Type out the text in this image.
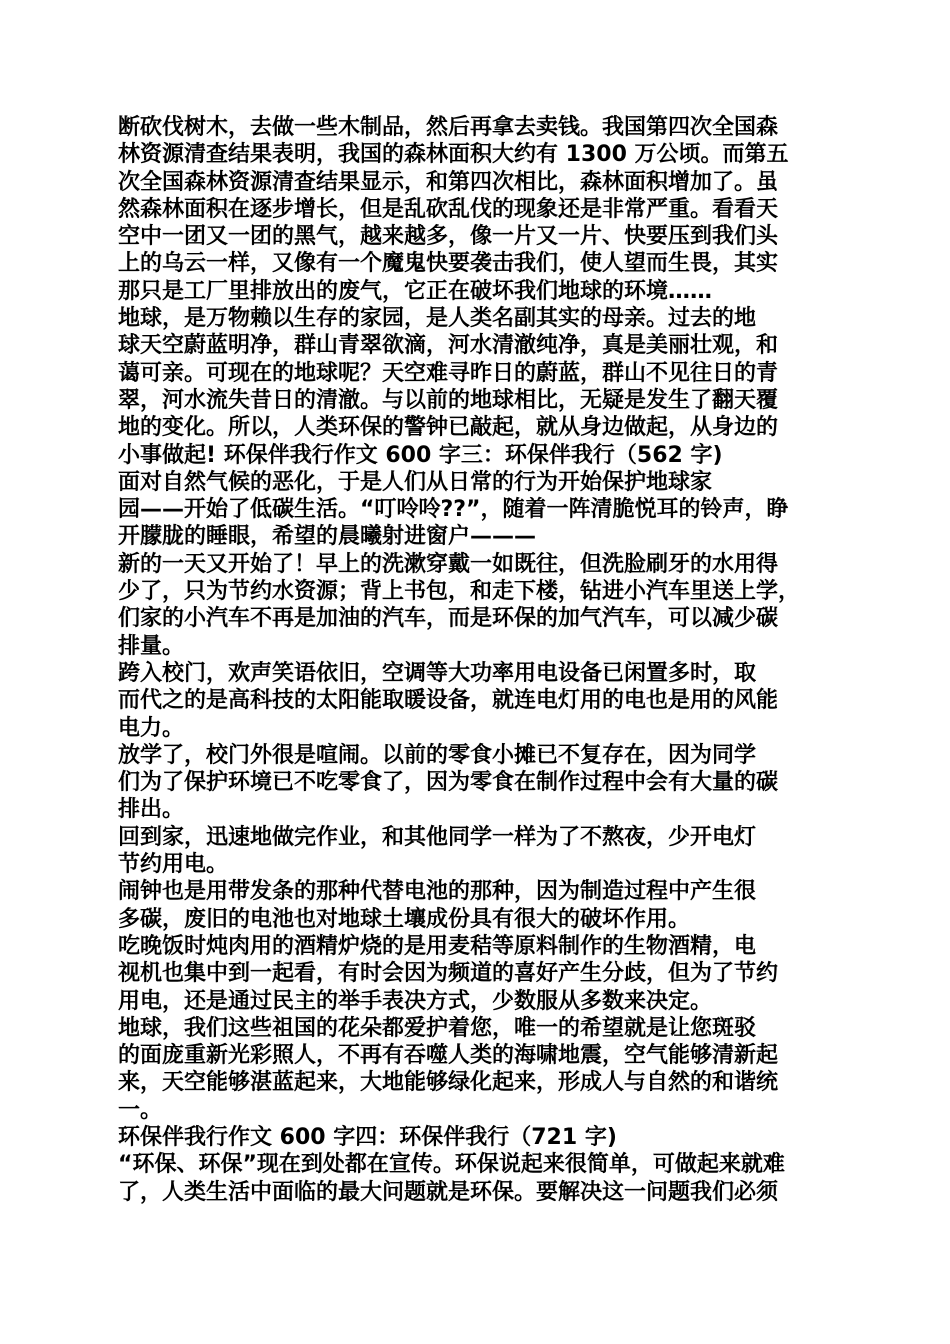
断砍伐树木，去做一些木制品，然后再拿去卖钱。我国第四次全国森
林资源清查结果表明，我国的森林面积大约有 1300 万公顷。而第五
次全国森林资源清查结果显示，和第四次相比，森林面积增加了。虽
然森林面积在逐步增长，但是乱砍乱伐的现象还是非常严重。看看天
空中一团又一团的黑气，越来越多，像一片又一片、快要压到我们头
上的乌云一样，又像有一个魔鬼快要袭击我们，使人望而生畏，其实
那只是工厂里排放出的废气，它正在破坏我们地球的环境……
地球，是万物赖以生存的家园，是人类名副其实的母亲。过去的地
球天空蔚蓝明净，群山青翠欲滴，河水清澈纯净，真是美丽壮观，和
蔼可亲。可现在的地球呢？天空难寻昨日的蔚蓝，群山不见往日的青
翠，河水流失昔日的清澈。与以前的地球相比，无疑是发生了翻天覆
地的变化。所以，人类环保的警钟已敲起，就从身边做起，从身边的
小事做起! 环保伴我行作文 600 字三：环保伴我行（562 字)
面对自然气候的恶化，于是人们从日常的行为开始保护地球家
园——开始了低碳生活。“叮呤呤??”，随着一阵清脆悦耳的铃声，睁
开朦胧的睡眼，希望的晨曦射进窗户———
新的一天又开始了！早上的洗漱穿戴一如既往，但洗脸刷牙的水用得
少了，只为节约水资源；背上书包，和走下楼，钻进小汽车里送上学，
们家的小汽车不再是加油的汽车，而是环保的加气汽车，可以减少碳
排量。
跨入校门，欢声笑语依旧，空调等大功率用电设备已闲置多时，取
而代之的是高科技的太阳能取暖设备，就连电灯用的电也是用的风能
电力。
放学了，校门外很是喧闹。以前的零食小摊已不复存在，因为同学
们为了保护环境已不吃零食了，因为零食在制作过程中会有大量的碳
排出。
回到家，迅速地做完作业，和其他同学一样为了不熬夜，少开电灯
节约用电。
闹钟也是用带发条的那种代替电池的那种，因为制造过程中产生很
多碳，废旧的电池也对地球土壤成份具有很大的破坏作用。
吃晚饭时炖肉用的酒精炉烧的是用麦秸等原料制作的生物酒精，电
视机也集中到一起看，有时会因为频道的喜好产生分歧，但为了节约
用电，还是通过民主的举手表决方式，少数服从多数来决定。
地球，我们这些祖国的花朵都爱护着您，唯一的希望就是让您斑驳
的面庞重新光彩照人，不再有吞噬人类的海啸地震，空气能够清新起
来，天空能够湛蓝起来，大地能够绿化起来，形成人与自然的和谐统
一。
环保伴我行作文 600 字四：环保伴我行（721 字)
“环保、环保”现在到处都在宣传。环保说起来很简单，可做起来就难
了，人类生活中面临的最大问题就是环保。要解决这一问题我们必须
